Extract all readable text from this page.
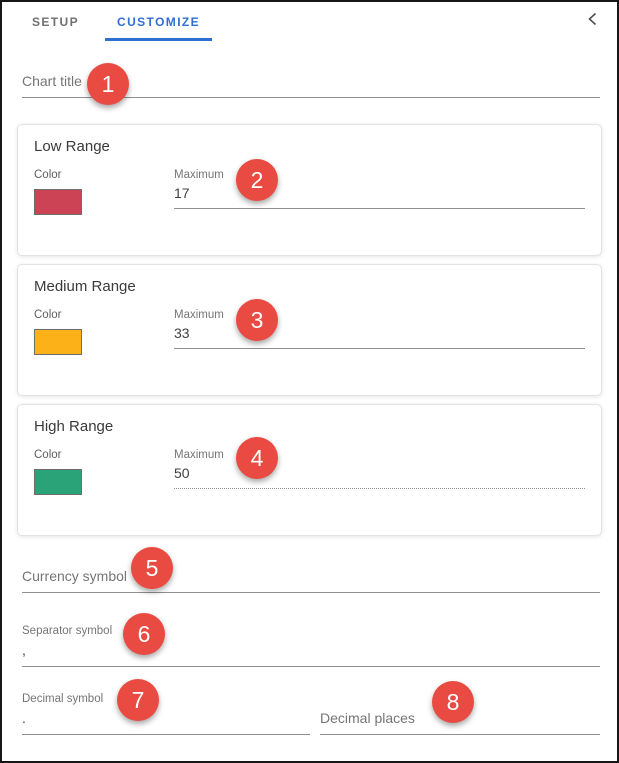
SETUP	CUSTOMIZE
Chart title
Low Range
Color	Maximum
17
Medium Range
Color	Maximum
33
High Range
Color	Maximum
50
Currency symbol
Separator symbol
,
Decimal symbol
.
Decimal places
1
2
3
4
5
6
7	8
